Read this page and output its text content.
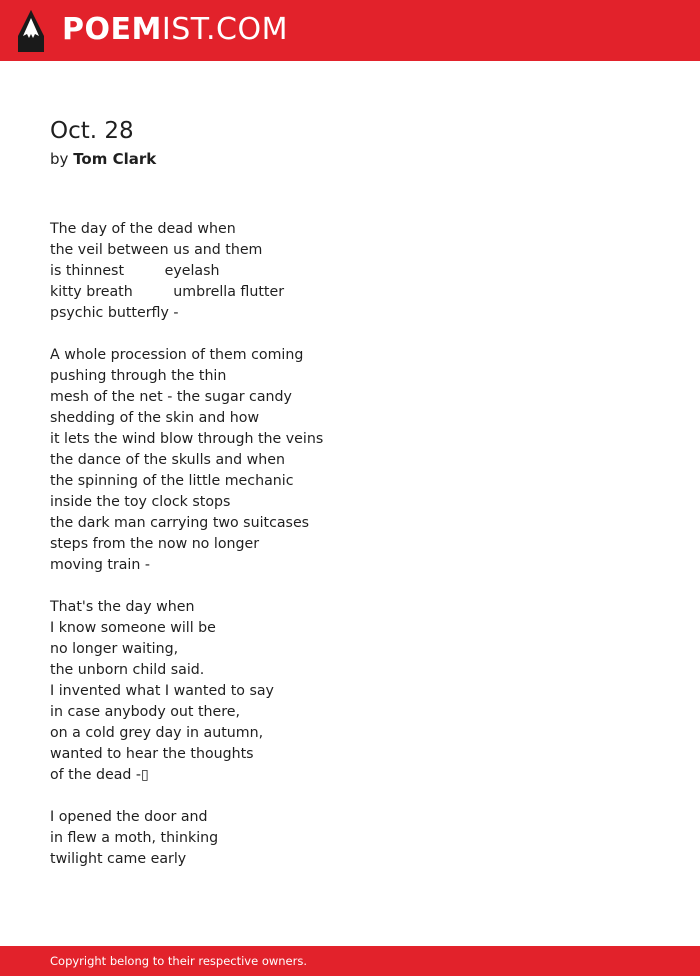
POEMIST.COM
Oct. 28
by Tom Clark
The day of the dead when
the veil between us and them
is thinnest         eyelash
kitty breath         umbrella flutter
psychic butterfly -
A whole procession of them coming
pushing through the thin
mesh of the net - the sugar candy
shedding of the skin and how
it lets the wind blow through the veins
the dance of the skulls and when
the spinning of the little mechanic
inside the toy clock stops
the dark man carrying two suitcases
steps from the now no longer
moving train -
That's the day when
I know someone will be
no longer waiting,
the unborn child said.
I invented what I wanted to say
in case anybody out there,
on a cold grey day in autumn,
wanted to hear the thoughts
of the dead -▯
I opened the door and
in flew a moth, thinking
twilight came early
Copyright belong to their respective owners.
